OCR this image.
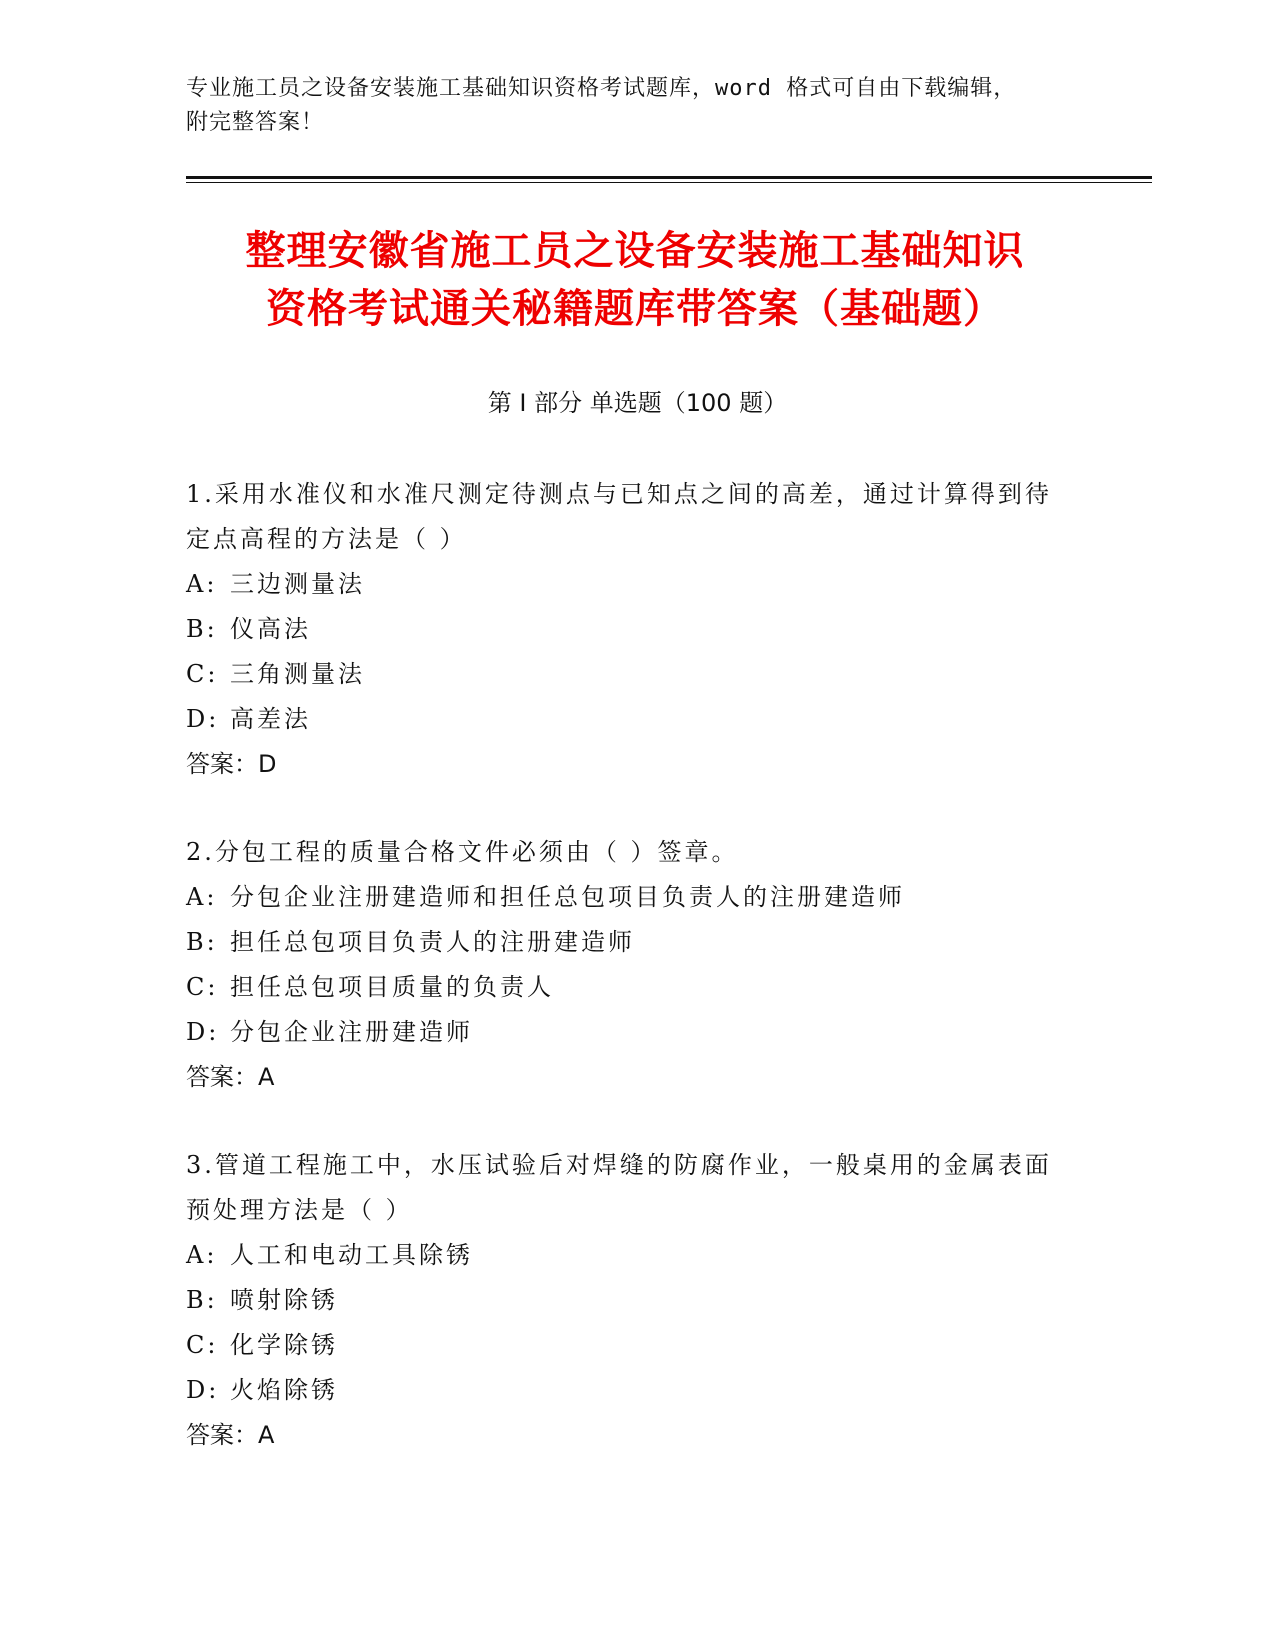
专业施工员之设备安装施工基础知识资格考试题库，word 格式可自由下载编辑，
附完整答案！
整理安徽省施工员之设备安装施工基础知识
资格考试通关秘籍题库带答案（基础题）
第 I 部分 单选题（100 题）
1.采用水准仪和水准尺测定待测点与已知点之间的高差，通过计算得到待定点高程的方法是（ ）
A: 三边测量法
B: 仪高法
C: 三角测量法
D: 高差法
答案：D
2.分包工程的质量合格文件必须由（ ）签章。
A: 分包企业注册建造师和担任总包项目负责人的注册建造师
B: 担任总包项目负责人的注册建造师
C: 担任总包项目质量的负责人
D: 分包企业注册建造师
答案：A
3.管道工程施工中，水压试验后对焊缝的防腐作业，一般桌用的金属表面预处理方法是（ ）
A: 人工和电动工具除锈
B: 喷射除锈
C: 化学除锈
D: 火焰除锈
答案：A
